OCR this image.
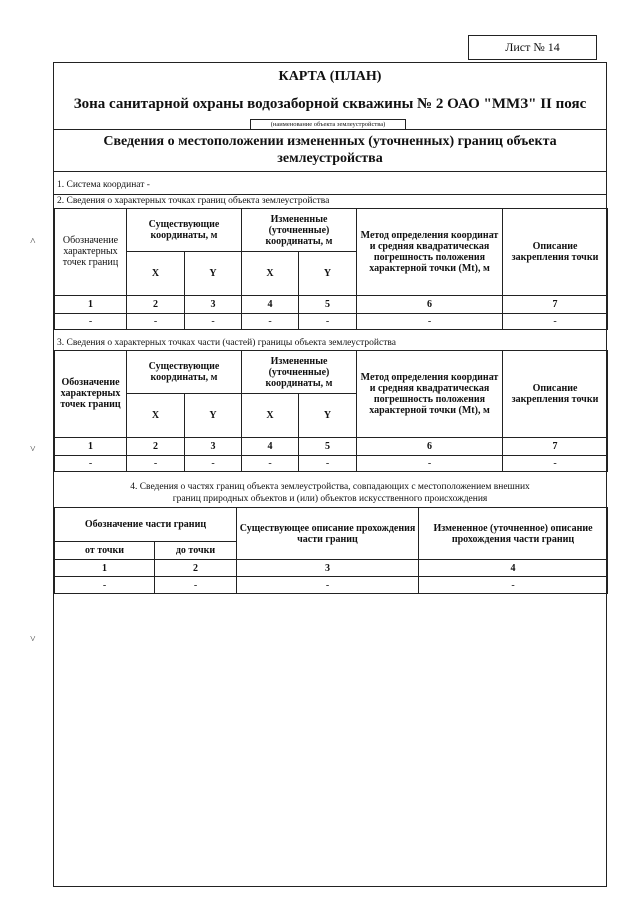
Лист № 14
КАРТА (ПЛАН)
Зона санитарной охраны водозаборной скважины № 2 ОАО "ММЗ" II пояс
(наименование объекта землеустройства)
Сведения о местоположении измененных (уточненных) границ объекта
землеустройства
1. Система координат -
2. Сведения о характерных точках границ объекта землеустройства
Обозначение характерных точек границ	Существующие координаты, м		Измененные (уточненные) координаты, м		Метод определения координат и средняя квадратическая погрешность положения характерной точки (Mt), м	Описание закрепления точки
	X	Y	X	Y		
1	2	3	4	5	6	7
-	-	-	-	-	-	-
3. Сведения о характерных точках части (частей) границы объекта землеустройства
Обозначение характерных точек границ	Существующие координаты, м		Измененные (уточненные) координаты, м		Метод определения координат и средняя квадратическая погрешность положения характерной точки (Mt), м	Описание закрепления точки
	X	Y	X	Y		
1	2	3	4	5	6	7
-	-	-	-	-	-	-
4. Сведения о частях границ объекта землеустройства, совпадающих с местоположением внешних
границ природных объектов и (или) объектов искусственного происхождения
Обозначение части границ		Существующее описание прохождения части границ	Измененное (уточненное) описание прохождения части границ
от точки	до точки		
1	2	3	4
-	-	-	-
˄
˅
˅
